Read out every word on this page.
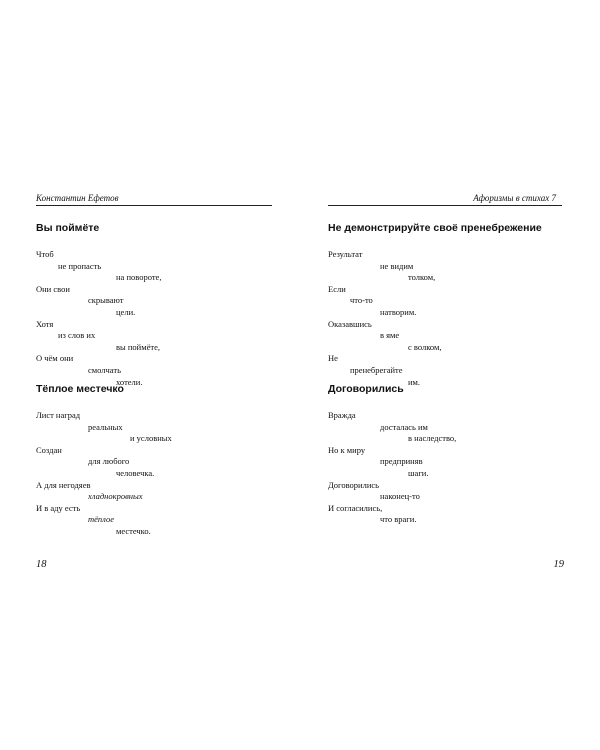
Константин Ефетов
Вы поймёте
Чтоб
не пропасть
на повороте,
Они свои
скрывают
цели.
Хотя
из слов их
вы поймёте,
О чём они
смолчать
хотели.
Тёплое местечко
Лист наград
реальных
и условных
Создан
для любого
человечка.
А для негодяев
хладнокровных
И в аду есть
тёплое
местечко.
18
Афоризмы в стихах 7
Не демонстрируйте своё пренебрежение
Результат
не видим
толком,
Если
что-то
натворим.
Оказавшись
в яме
с волком,
Не
пренебрегайте
им.
Договорились
Вражда
досталась им
в наследство,
Но к миру
предприняв
шаги.
Договорились
наконец-то
И согласились,
что враги.
19
